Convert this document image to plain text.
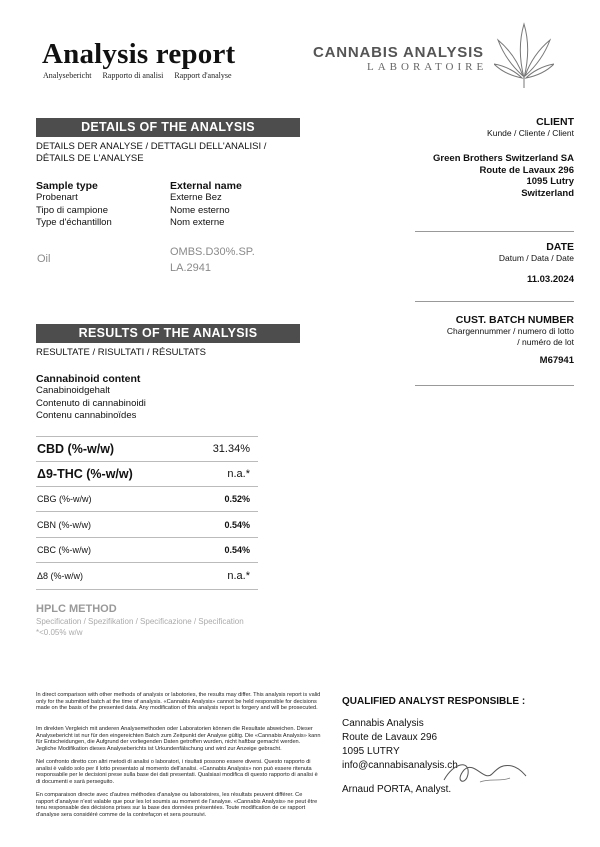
Analysis report
Analysebericht Rapporto di analisi Rapport d'analyse
CANNABIS ANALYSIS
LABORATOIRE
DETAILS OF THE ANALYSIS
DETAILS DER ANALYSE / DETTAGLI DELL'ANALISI /
DÉTAILS DE L'ANALYSE
Sample type
Probenart
Tipo di campione
Type d'échantillon
External name
Externe Bez
Nome esterno
Nom externe
Oil
OMBS.D30%.SP.
LA.2941
CLIENT
Kunde / Cliente / Client
Green Brothers Switzerland SA
Route de Lavaux 296
1095 Lutry
Switzerland
DATE
Datum / Data / Date
11.03.2024
CUST. BATCH NUMBER
Chargennummer / numero di lotto
/ numéro de lot
M67941
RESULTS OF THE ANALYSIS
RESULTATE / RISULTATI / RÉSULTATS
Cannabinoid content
Canabinoidgehalt
Contenuto di cannabinoidi
Contenu cannabinoïdes
CBD (%-w/w)	31.34%
Δ9-THC (%-w/w)	n.a.*
CBG (%-w/w)	0.52%
CBN (%-w/w)	0.54%
CBC (%-w/w)	0.54%
Δ8 (%-w/w)	n.a.*
HPLC METHOD
Specification / Spezifikation / Specificazione / Specification
*<0.05% w/w
In direct comparison with other methods of analysis or labotories, the results may differ. This analysis report is valid only for the submitted batch at the time of analysis. «Cannabis Analysis» cannot be held responsible for decisions made on the basis of the presented data. Any modification of this analysis report is forgery and will be prosecuted.
Im direkten Vergleich mit anderen Analysemethoden oder Laboratorien können die Resultate abweichen. Dieser Analysebericht ist nur für den eingereichten Batch zum Zeitpunkt der Analyse gültig. Die «Cannabis Analysis» kann für Entscheidungen, die Aufgrund der vorliegenden Daten getroffen wurden, nicht haftbar gemacht werden. Jegliche Modifikation dieses Analyseberichts ist Urkundenfälschung und wird zur Anzeige gebracht.
Nel confronto diretto con altri metodi di analisi o laboratori, i risultati possono essere diversi. Questo rapporto di analisi è valido solo per il lotto presentato al momento dell'analisi. «Cannabis Analysis» non può essere ritenuta responsabile per le decisioni prese sulla base dei dati presentati. Qualsiasi modifica di questo rapporto di analisi è di documenti e sarà perseguito.
En comparaison directe avec d'autres méthodes d'analyse ou laboratoires, les résultats peuvent différer. Ce rapport d'analyse n'est valable que pour les lot soumis au moment de l'analyse. «Cannabis Analysis» ne peut être tenu responsable des décisions prises sur la base des données présentées. Toute modification de ce rapport d'analyse sera considéré comme de la contrefaçon et sera poursuivi.
QUALIFIED ANALYST RESPONSIBLE :
Cannabis Analysis
Route de Lavaux 296
1095 LUTRY
info@cannabisanalysis.ch
Arnaud PORTA, Analyst.
